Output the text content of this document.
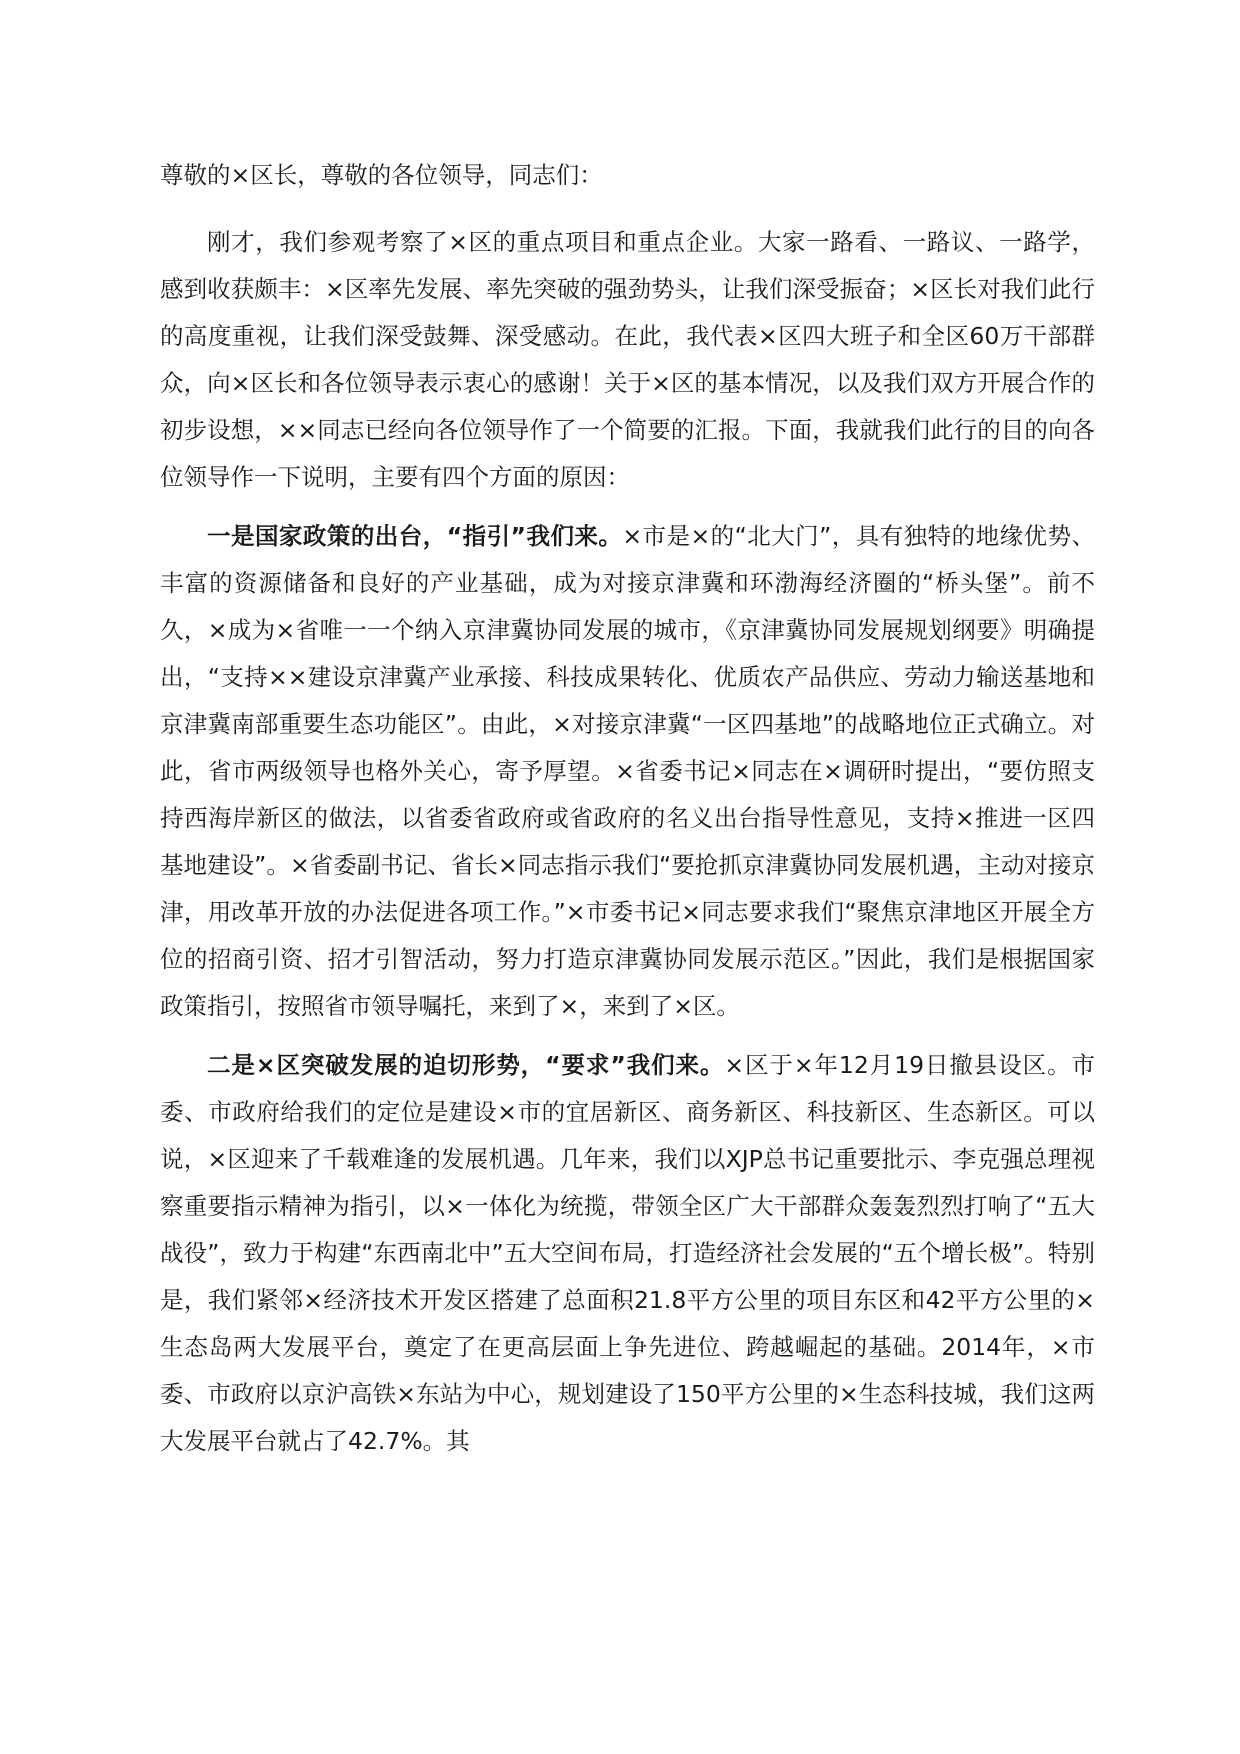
尊敬的×区长，尊敬的各位领导，同志们：

刚才，我们参观考察了×区的重点项目和重点企业。大家一路看、一路议、一路学，感到收获颇丰：×区率先发展、率先突破的强劲势头，让我们深受振奋；×区长对我们此行的高度重视，让我们深受鼓舞、深受感动。在此，我代表×区四大班子和全区60万干部群众，向×区长和各位领导表示衷心的感谢！关于×区的基本情况，以及我们双方开展合作的初步设想，××同志已经向各位领导作了一个简要的汇报。下面，我就我们此行的目的向各位领导作一下说明，主要有四个方面的原因：

一是国家政策的出台，“指引”我们来。×市是×的“北大门”，具有独特的地缘优势、丰富的资源储备和良好的产业基础，成为对接京津冀和环渤海经济圈的“桥头堡”。前不久，×成为×省唯一一个纳入京津冀协同发展的城市，《京津冀协同发展规划纲要》明确提出，“支持××建设京津冀产业承接、科技成果转化、优质农产品供应、劳动力输送基地和京津冀南部重要生态功能区”。由此，×对接京津冀“一区四基地”的战略地位正式确立。对此，省市两级领导也格外关心，寄予厚望。×省委书记×同志在×调研时提出，“要仿照支持西海岸新区的做法，以省委省政府或省政府的名义出台指导性意见，支持×推进一区四基地建设”。×省委副书记、省长×同志指示我们“要抢抓京津冀协同发展机遇，主动对接京津，用改革开放的办法促进各项工作。”×市委书记×同志要求我们“聚焦京津地区开展全方位的招商引资、招才引智活动，努力打造京津冀协同发展示范区。”因此，我们是根据国家政策指引，按照省市领导嘱托，来到了×，来到了×区。

二是×区突破发展的迫切形势，“要求”我们来。×区于×年12月19日撤县设区。市委、市政府给我们的定位是建设×市的宜居新区、商务新区、科技新区、生态新区。可以说，×区迎来了千载难逢的发展机遇。几年来，我们以XJP总书记重要批示、李克强总理视察重要指示精神为指引，以×一体化为统揽，带领全区广大干部群众轰轰烈烈打响了“五大战役”，致力于构建“东西南北中”五大空间布局，打造经济社会发展的“五个增长极”。特别是，我们紧邻×经济技术开发区搭建了总面积21.8平方公里的项目东区和42平方公里的×生态岛两大发展平台，奠定了在更高层面上争先进位、跨越崛起的基础。2014年，×市委、市政府以京沪高铁×东站为中心，规划建设了150平方公里的×生态科技城，我们这两大发展平台就占了42.7%。其
